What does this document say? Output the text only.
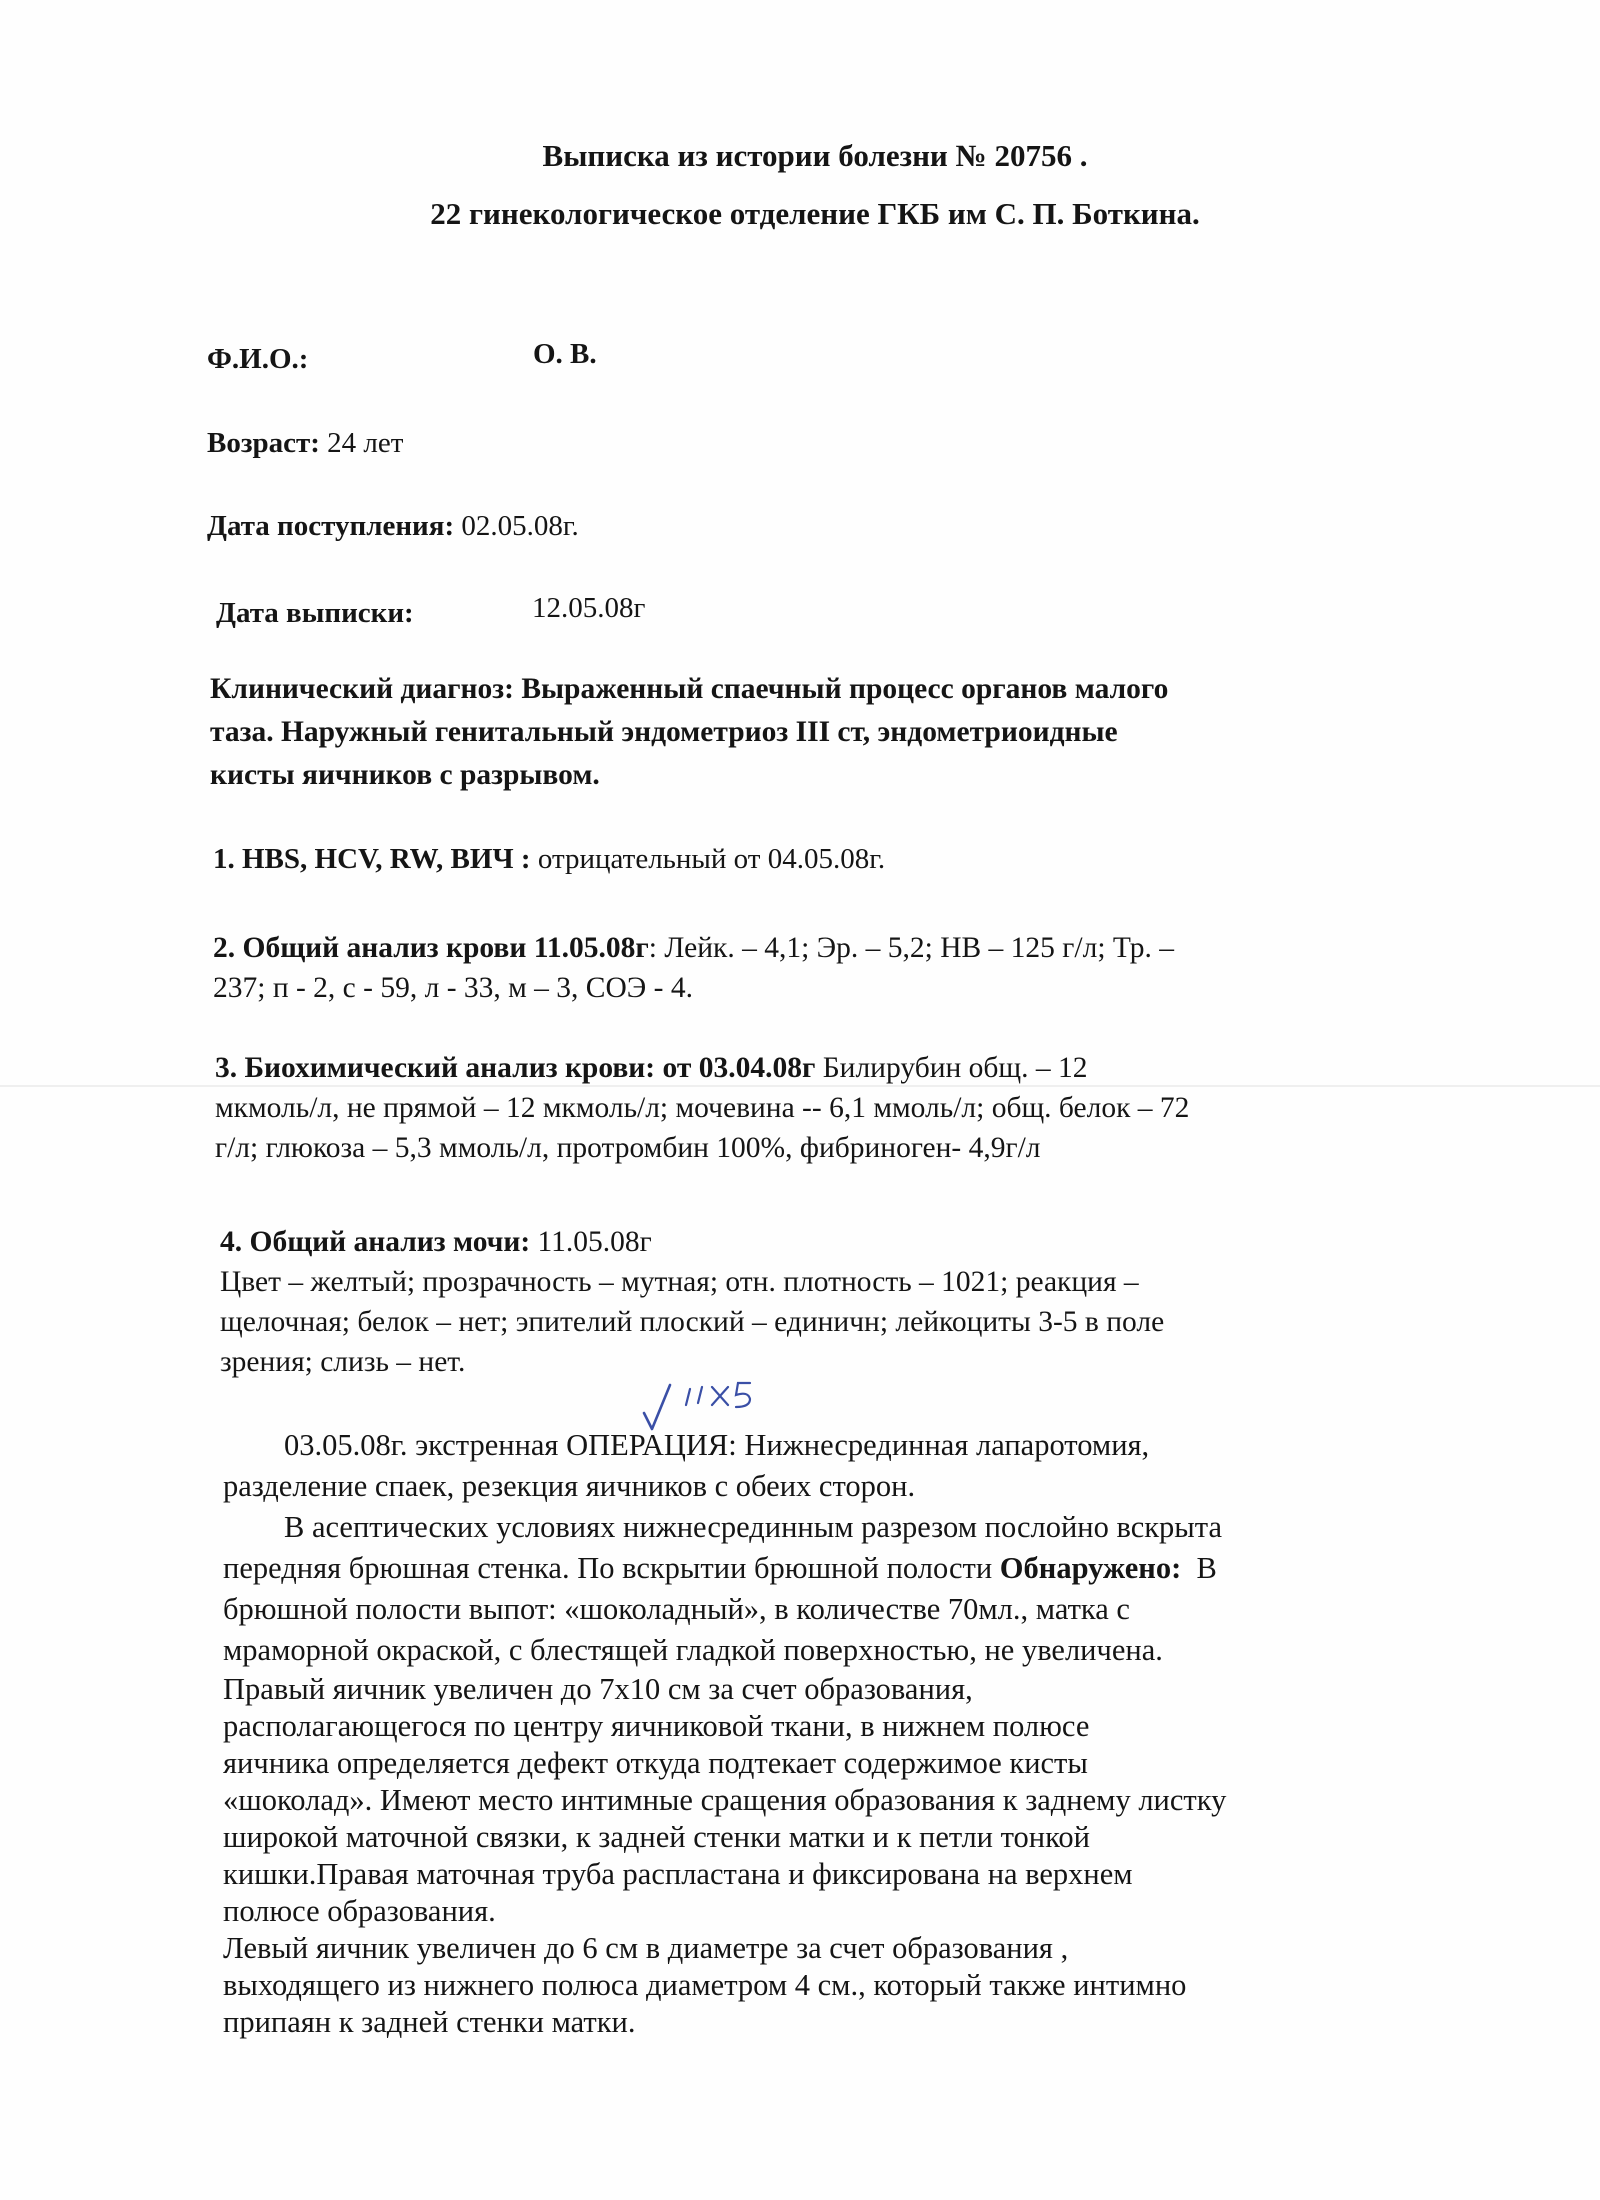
Выписка из истории болезни № 20756 .
22 гинекологическое отделение ГКБ им С. П. Боткина.
Ф.И.О.:	О. В.
Возраст: 24 лет
Дата поступления: 02.05.08г.
Дата выписки:	12.05.08г
Клинический диагноз: Выраженный спаечный процесс органов малого
таза. Наружный генитальный эндометриоз III ст, эндометриоидные
кисты яичников с разрывом.
1. HBS, HCV, RW, ВИЧ : отрицательный от 04.05.08г.
2. Общий анализ крови 11.05.08г: Лейк. – 4,1; Эр. – 5,2; НВ – 125 г/л; Тр. –
237; п - 2, с - 59, л - 33, м – 3, СОЭ - 4.
3. Биохимический анализ крови: от 03.04.08г Билирубин общ. – 12
мкмоль/л, не прямой – 12 мкмоль/л; мочевина -- 6,1 ммоль/л; общ. белок – 72
г/л; глюкоза – 5,3 ммоль/л, протромбин 100%, фибриноген- 4,9г/л
4. Общий анализ мочи: 11.05.08г
Цвет – желтый; прозрачность – мутная; отн. плотность – 1021; реакция –
щелочная; белок – нет; эпителий плоский – единичн; лейкоциты 3-5 в поле
зрения; слизь – нет.
03.05.08г. экстренная ОПЕРАЦИЯ: Нижнесрединная лапаротомия,
разделение спаек, резекция яичников с обеих сторон.
В асептических условиях нижнесрединным разрезом послойно вскрыта
передняя брюшная стенка. По вскрытии брюшной полости Обнаружено:  В
брюшной полости выпот: «шоколадный», в количестве 70мл., матка с
мраморной окраской, с блестящей гладкой поверхностью, не увеличена.
Правый яичник увеличен до 7х10 см за счет образования,
располагающегося по центру яичниковой ткани, в нижнем полюсе
яичника определяется дефект откуда подтекает содержимое кисты
«шоколад». Имеют место интимные сращения образования к заднему листку
широкой маточной связки, к задней стенки матки и к петли тонкой
кишки.Правая маточная труба распластана и фиксирована на верхнем
полюсе образования.
Левый яичник увеличен до 6 см в диаметре за счет образования ,
выходящего из нижнего полюса диаметром 4 см., который также интимно
припаян к задней стенки матки.
